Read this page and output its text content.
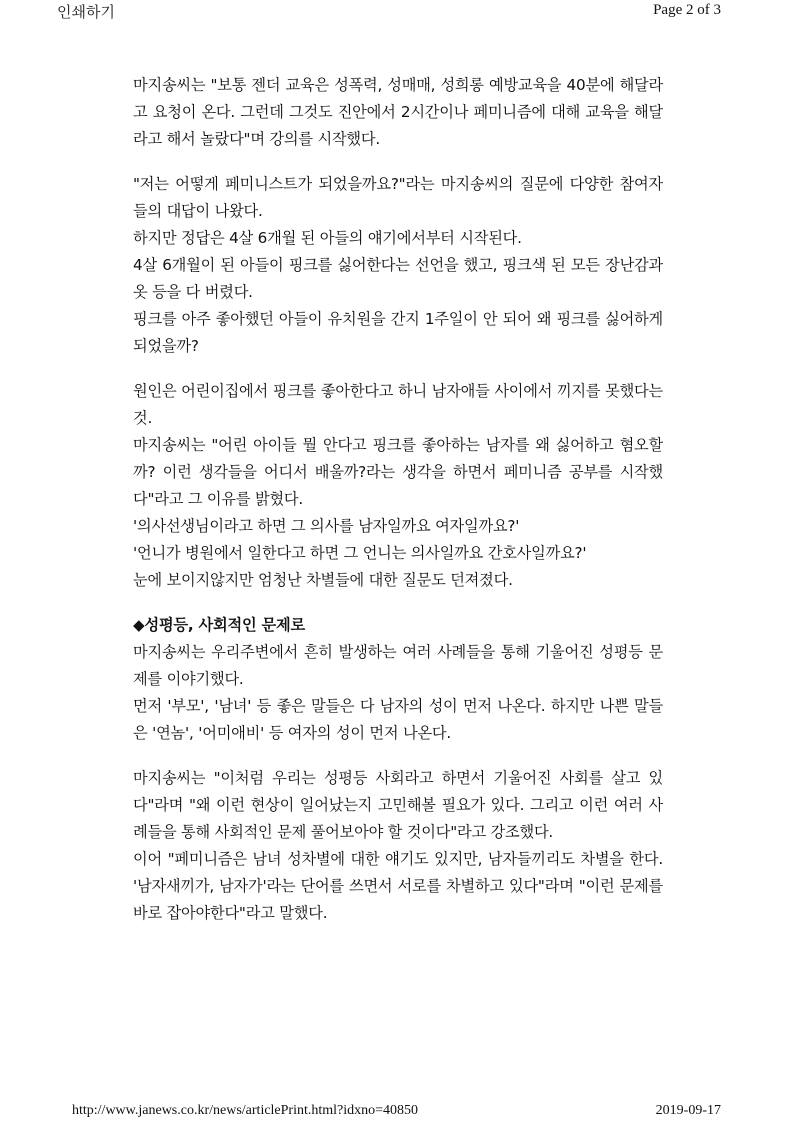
인쇄하기	Page 2 of 3

마지송씨는 "보통 젠더 교육은 성폭력, 성매매, 성희롱 예방교육을 40분에 해달라고 요청이 온다. 그런데 그것도 진안에서 2시간이나 페미니즘에 대해 교육을 해달라고 해서 놀랐다"며 강의를 시작했다.

"저는 어떻게 페미니스트가 되었을까요?"라는 마지송씨의 질문에 다양한 참여자들의 대답이 나왔다.
하지만 정답은 4살 6개월 된 아들의 얘기에서부터 시작된다.
4살 6개월이 된 아들이 핑크를 싫어한다는 선언을 했고, 핑크색 된 모든 장난감과 옷 등을 다 버렸다.
핑크를 아주 좋아했던 아들이 유치원을 간지 1주일이 안 되어 왜 핑크를 싫어하게 되었을까?

원인은 어린이집에서 핑크를 좋아한다고 하니 남자애들 사이에서 끼지를 못했다는 것.
마지송씨는 "어린 아이들 뭘 안다고 핑크를 좋아하는 남자를 왜 싫어하고 혐오할까? 이런 생각들을 어디서 배울까?라는 생각을 하면서 페미니즘 공부를 시작했다"라고 그 이유를 밝혔다.
'의사선생님이라고 하면 그 의사를 남자일까요 여자일까요?'
'언니가 병원에서 일한다고 하면 그 언니는 의사일까요 간호사일까요?'
눈에 보이지않지만 엄청난 차별들에 대한 질문도 던져졌다.

◆성평등, 사회적인 문제로
마지송씨는 우리주변에서 흔히 발생하는 여러 사례들을 통해 기울어진 성평등 문제를 이야기했다.
먼저 '부모', '남녀' 등 좋은 말들은 다 남자의 성이 먼저 나온다. 하지만 나쁜 말들은 '연놈', '어미애비' 등 여자의 성이 먼저 나온다.

마지송씨는 "이처럼 우리는 성평등 사회라고 하면서 기울어진 사회를 살고 있다"라며 "왜 이런 현상이 일어났는지 고민해볼 필요가 있다. 그리고 이런 여러 사례들을 통해 사회적인 문제 풀어보아야 할 것이다"라고 강조했다.
이어 "페미니즘은 남녀 성차별에 대한 얘기도 있지만, 남자들끼리도 차별을 한다. '남자새끼가, 남자가'라는 단어를 쓰면서 서로를 차별하고 있다"라며 "이런 문제를 바로 잡아야한다"라고 말했다.

http://www.janews.co.kr/news/articlePrint.html?idxno=40850	2019-09-17
